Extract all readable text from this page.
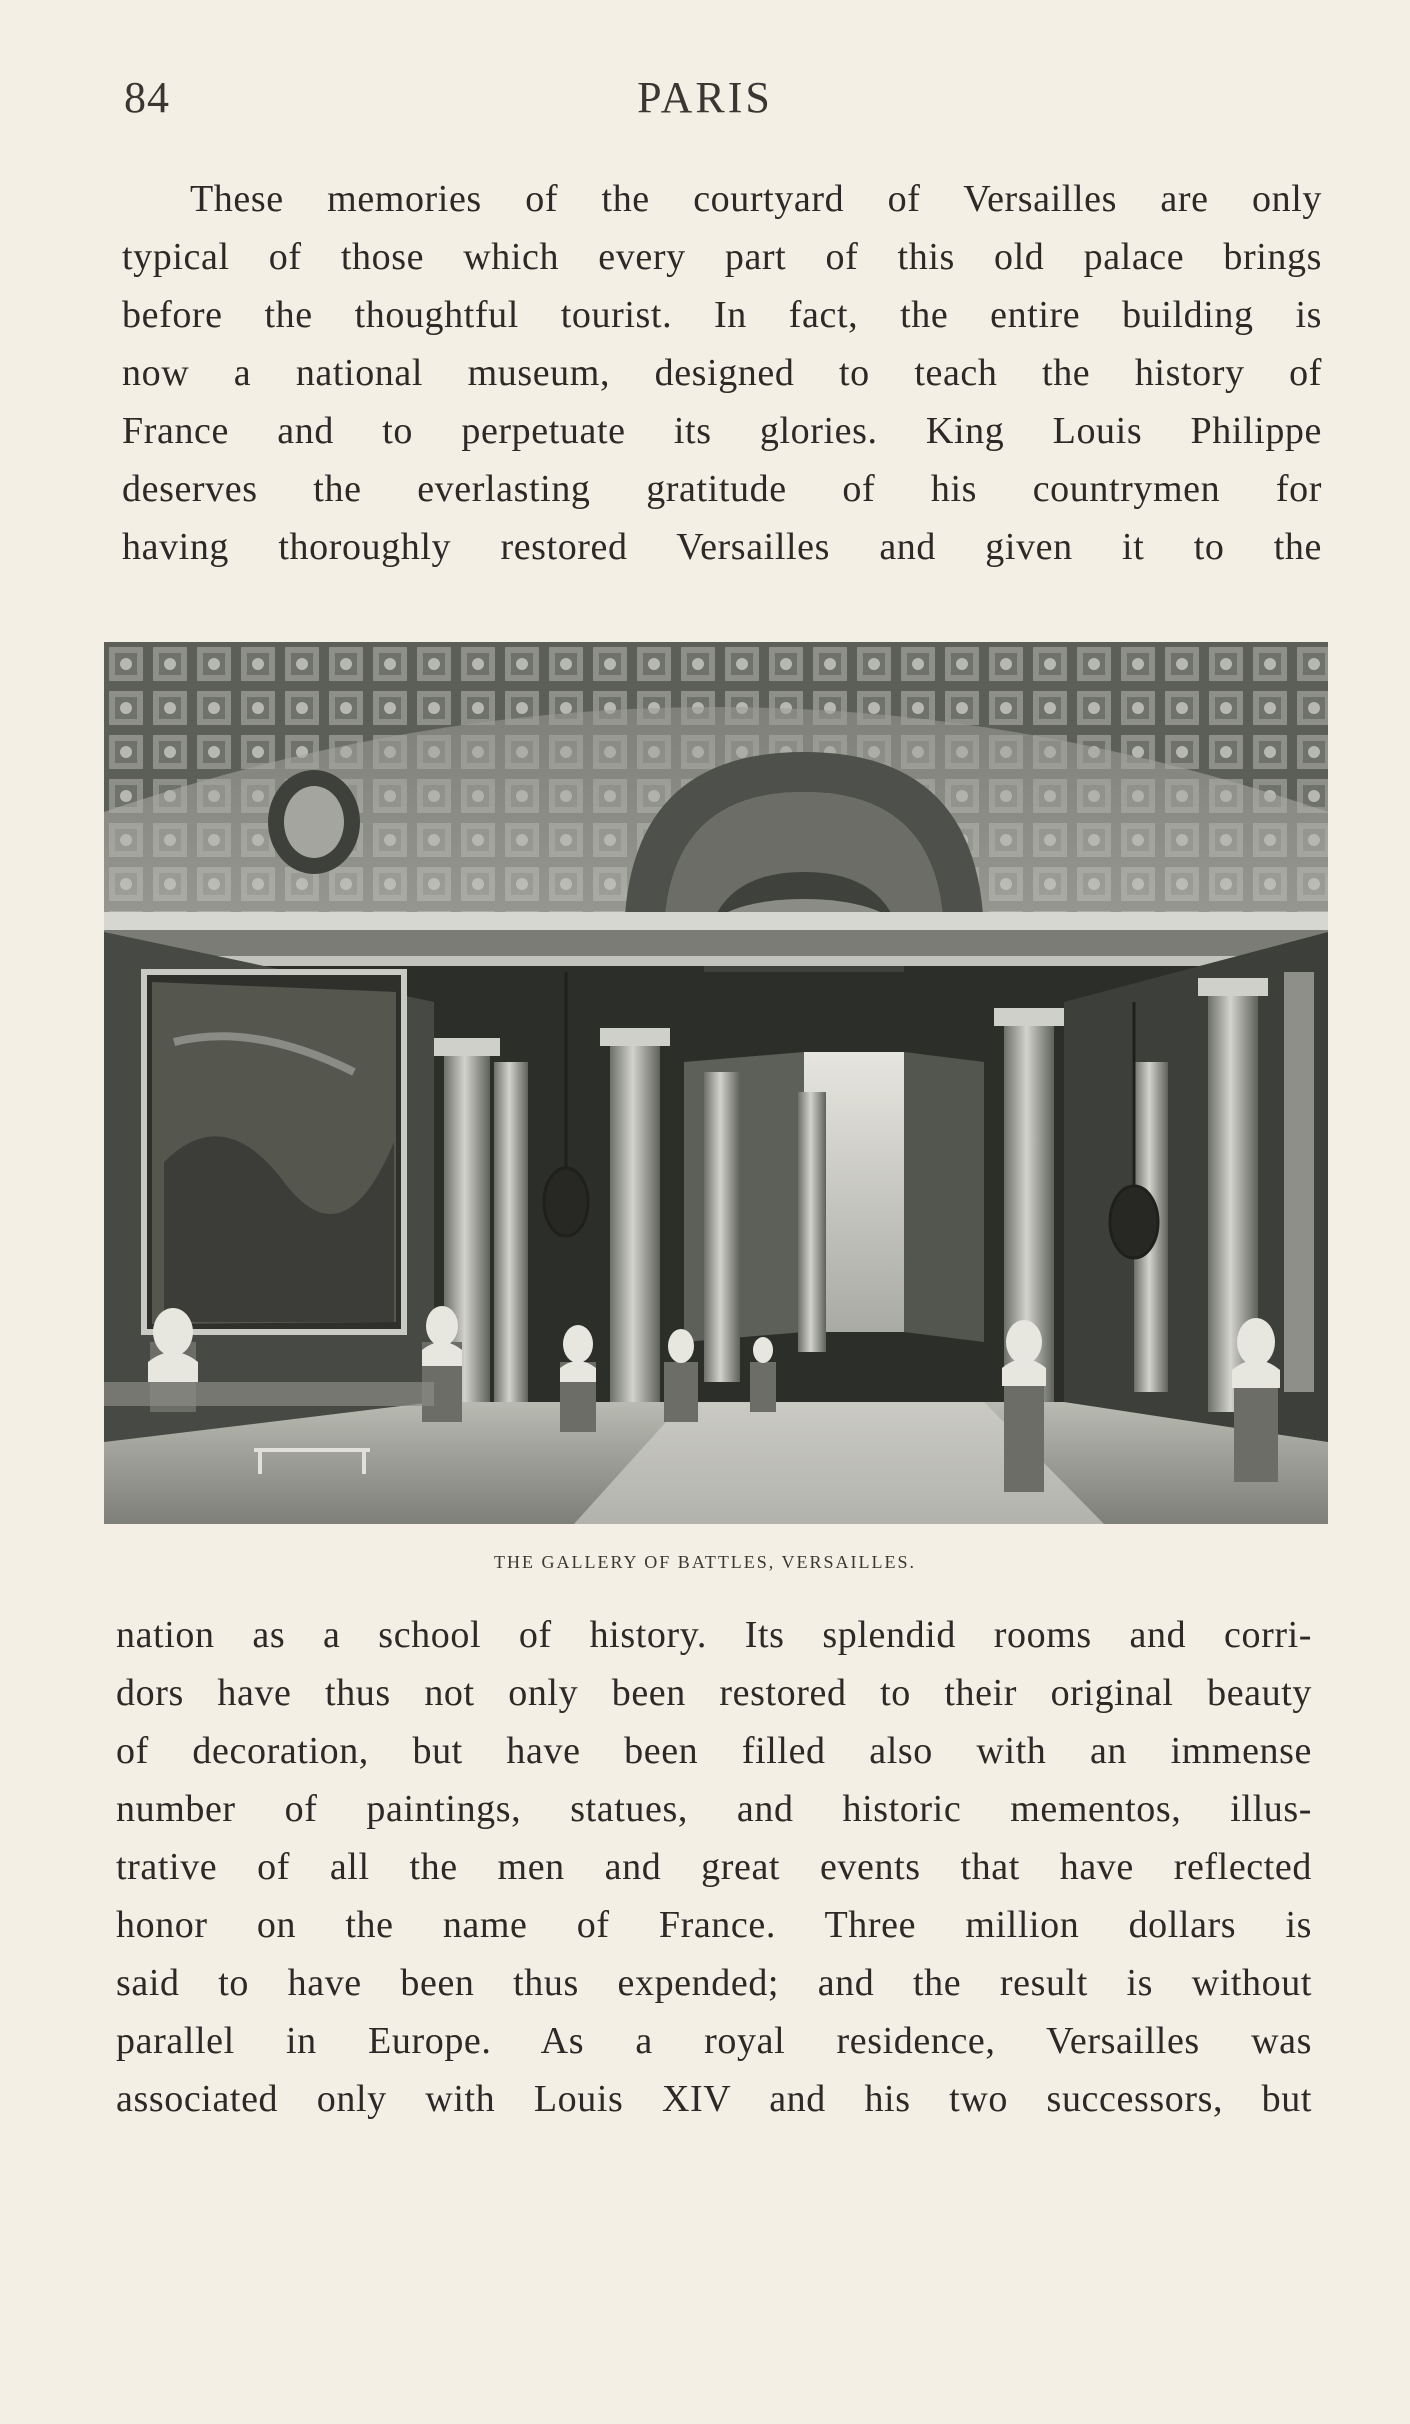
84	PARIS
These memories of the courtyard of Versailles are only
typical of those which every part of this old palace brings
before the thoughtful tourist. In fact, the entire building is
now a national museum, designed to teach the history of
France and to perpetuate its glories. King Louis Philippe
deserves the everlasting gratitude of his countrymen for
having thoroughly restored Versailles and given it to the
THE GALLERY OF BATTLES, VERSAILLES.
nation as a school of history. Its splendid rooms and corri-
dors have thus not only been restored to their original beauty
of decoration, but have been filled also with an immense
number of paintings, statues, and historic mementos, illus-
trative of all the men and great events that have reflected
honor on the name of France. Three million dollars is
said to have been thus expended; and the result is without
parallel in Europe. As a royal residence, Versailles was
associated only with Louis XIV and his two successors, but
